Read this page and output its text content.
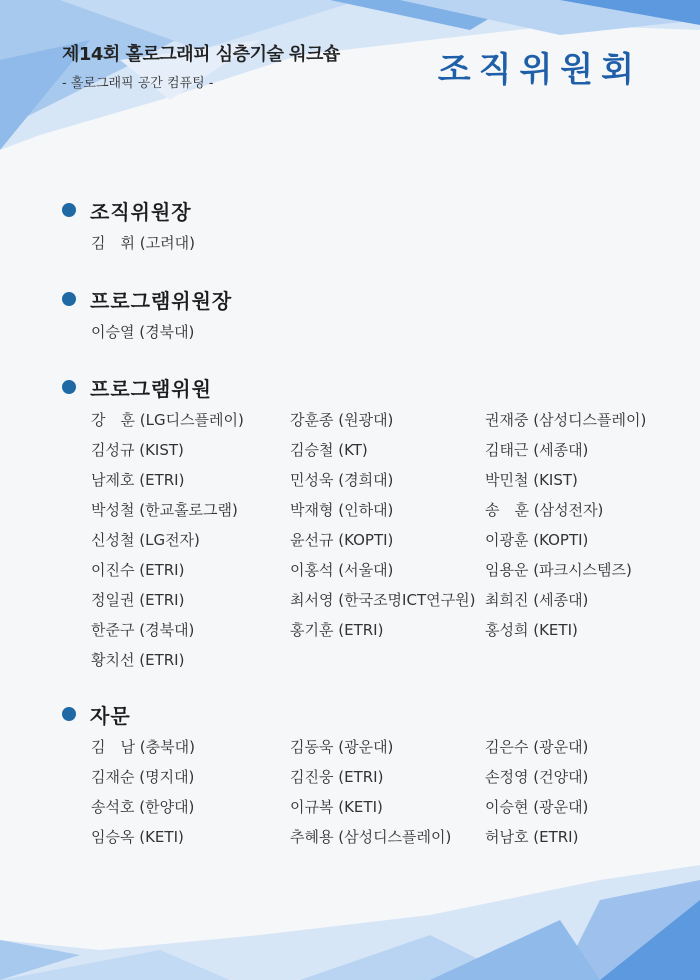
제14회 홀로그래피 심층기술 워크숍
- 홀로그래픽 공간 컴퓨팅 -	조직위원회
조직위원장
김　휘 (고려대)
프로그램위원장
이승열 (경북대)
프로그램위원
강　훈 (LG디스플레이)
김성규 (KIST)
남제호 (ETRI)
박성철 (한교홀로그램)
신성철 (LG전자)
이진수 (ETRI)
정일권 (ETRI)
한준구 (경북대)
황치선 (ETRI)
강훈종 (원광대)
김승철 (KT)
민성욱 (경희대)
박재형 (인하대)
윤선규 (KOPTI)
이홍석 (서울대)
최서영 (한국조명ICT연구원)
홍기훈 (ETRI)
권재중 (삼성디스플레이)
김태근 (세종대)
박민철 (KIST)
송　훈 (삼성전자)
이광훈 (KOPTI)
임용운 (파크시스템즈)
최희진 (세종대)
홍성희 (KETI)
자문
김　남 (충북대)
김재순 (명지대)
송석호 (한양대)
임승옥 (KETI)
김동욱 (광운대)
김진웅 (ETRI)
이규복 (KETI)
추혜용 (삼성디스플레이)
김은수 (광운대)
손정영 (건양대)
이승현 (광운대)
허남호 (ETRI)
